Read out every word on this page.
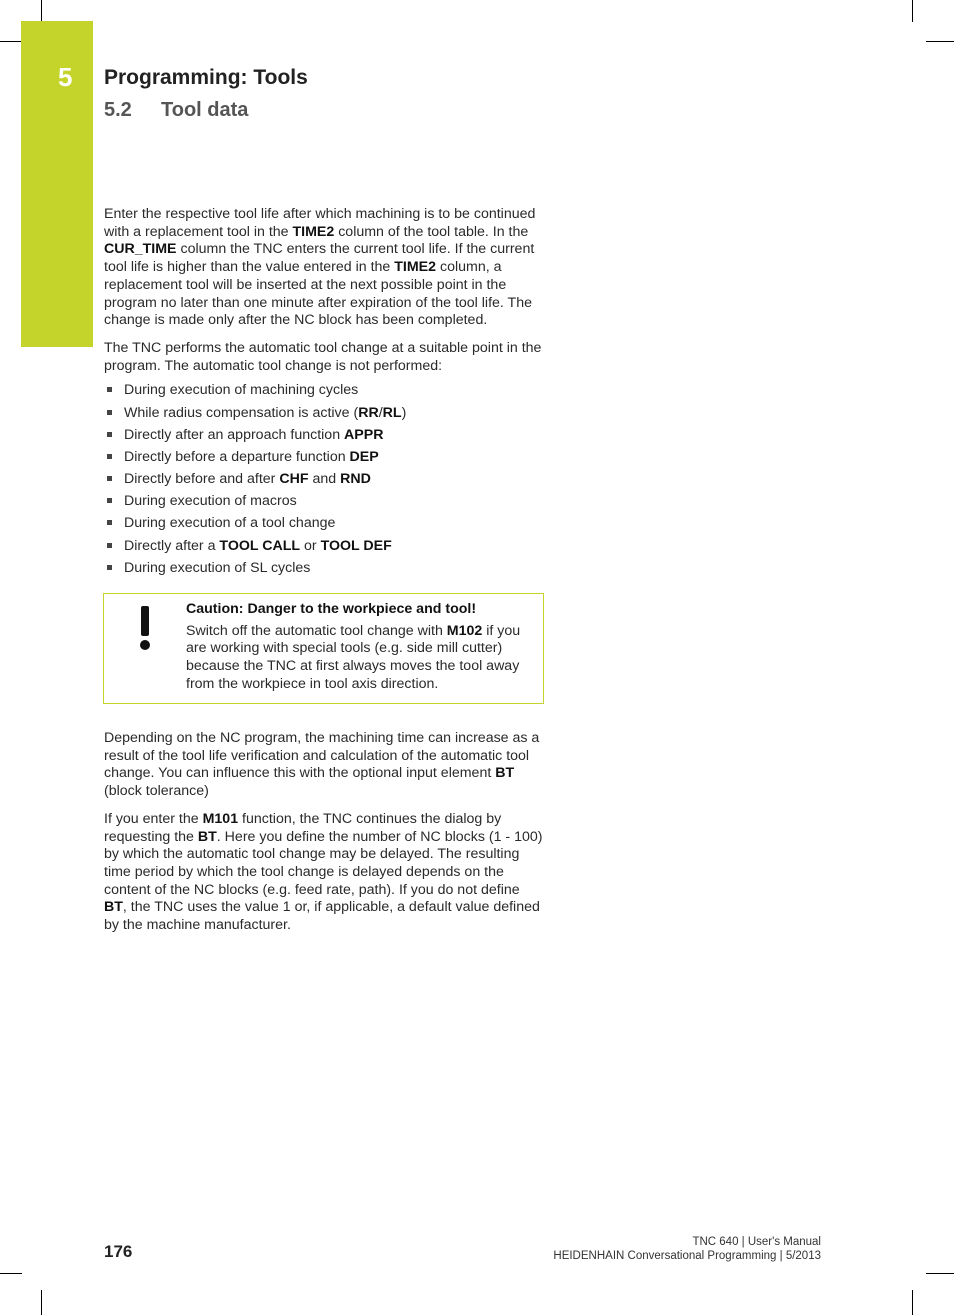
5 Programming: Tools
5.2 Tool data

Enter the respective tool life after which machining is to be continued with a replacement tool in the TIME2 column of the tool table. In the CUR_TIME column the TNC enters the current tool life. If the current tool life is higher than the value entered in the TIME2 column, a replacement tool will be inserted at the next possible point in the program no later than one minute after expiration of the tool life. The change is made only after the NC block has been completed.

The TNC performs the automatic tool change at a suitable point in the program. The automatic tool change is not performed:

During execution of machining cycles
While radius compensation is active (RR/RL)
Directly after an approach function APPR
Directly before a departure function DEP
Directly before and after CHF and RND
During execution of macros
During execution of a tool change
Directly after a TOOL CALL or TOOL DEF
During execution of SL cycles
Caution: Danger to the workpiece and tool!
Switch off the automatic tool change with M102 if you are working with special tools (e.g. side mill cutter) because the TNC at first always moves the tool away from the workpiece in tool axis direction.

Depending on the NC program, the machining time can increase as a result of the tool life verification and calculation of the automatic tool change. You can influence this with the optional input element BT (block tolerance)

If you enter the M101 function, the TNC continues the dialog by requesting the BT. Here you define the number of NC blocks (1 - 100) by which the automatic tool change may be delayed. The resulting time period by which the tool change is delayed depends on the content of the NC blocks (e.g. feed rate, path). If you do not define BT, the TNC uses the value 1 or, if applicable, a default value defined by the machine manufacturer.

176	TNC 640 | User's Manual
HEIDENHAIN Conversational Programming | 5/2013
